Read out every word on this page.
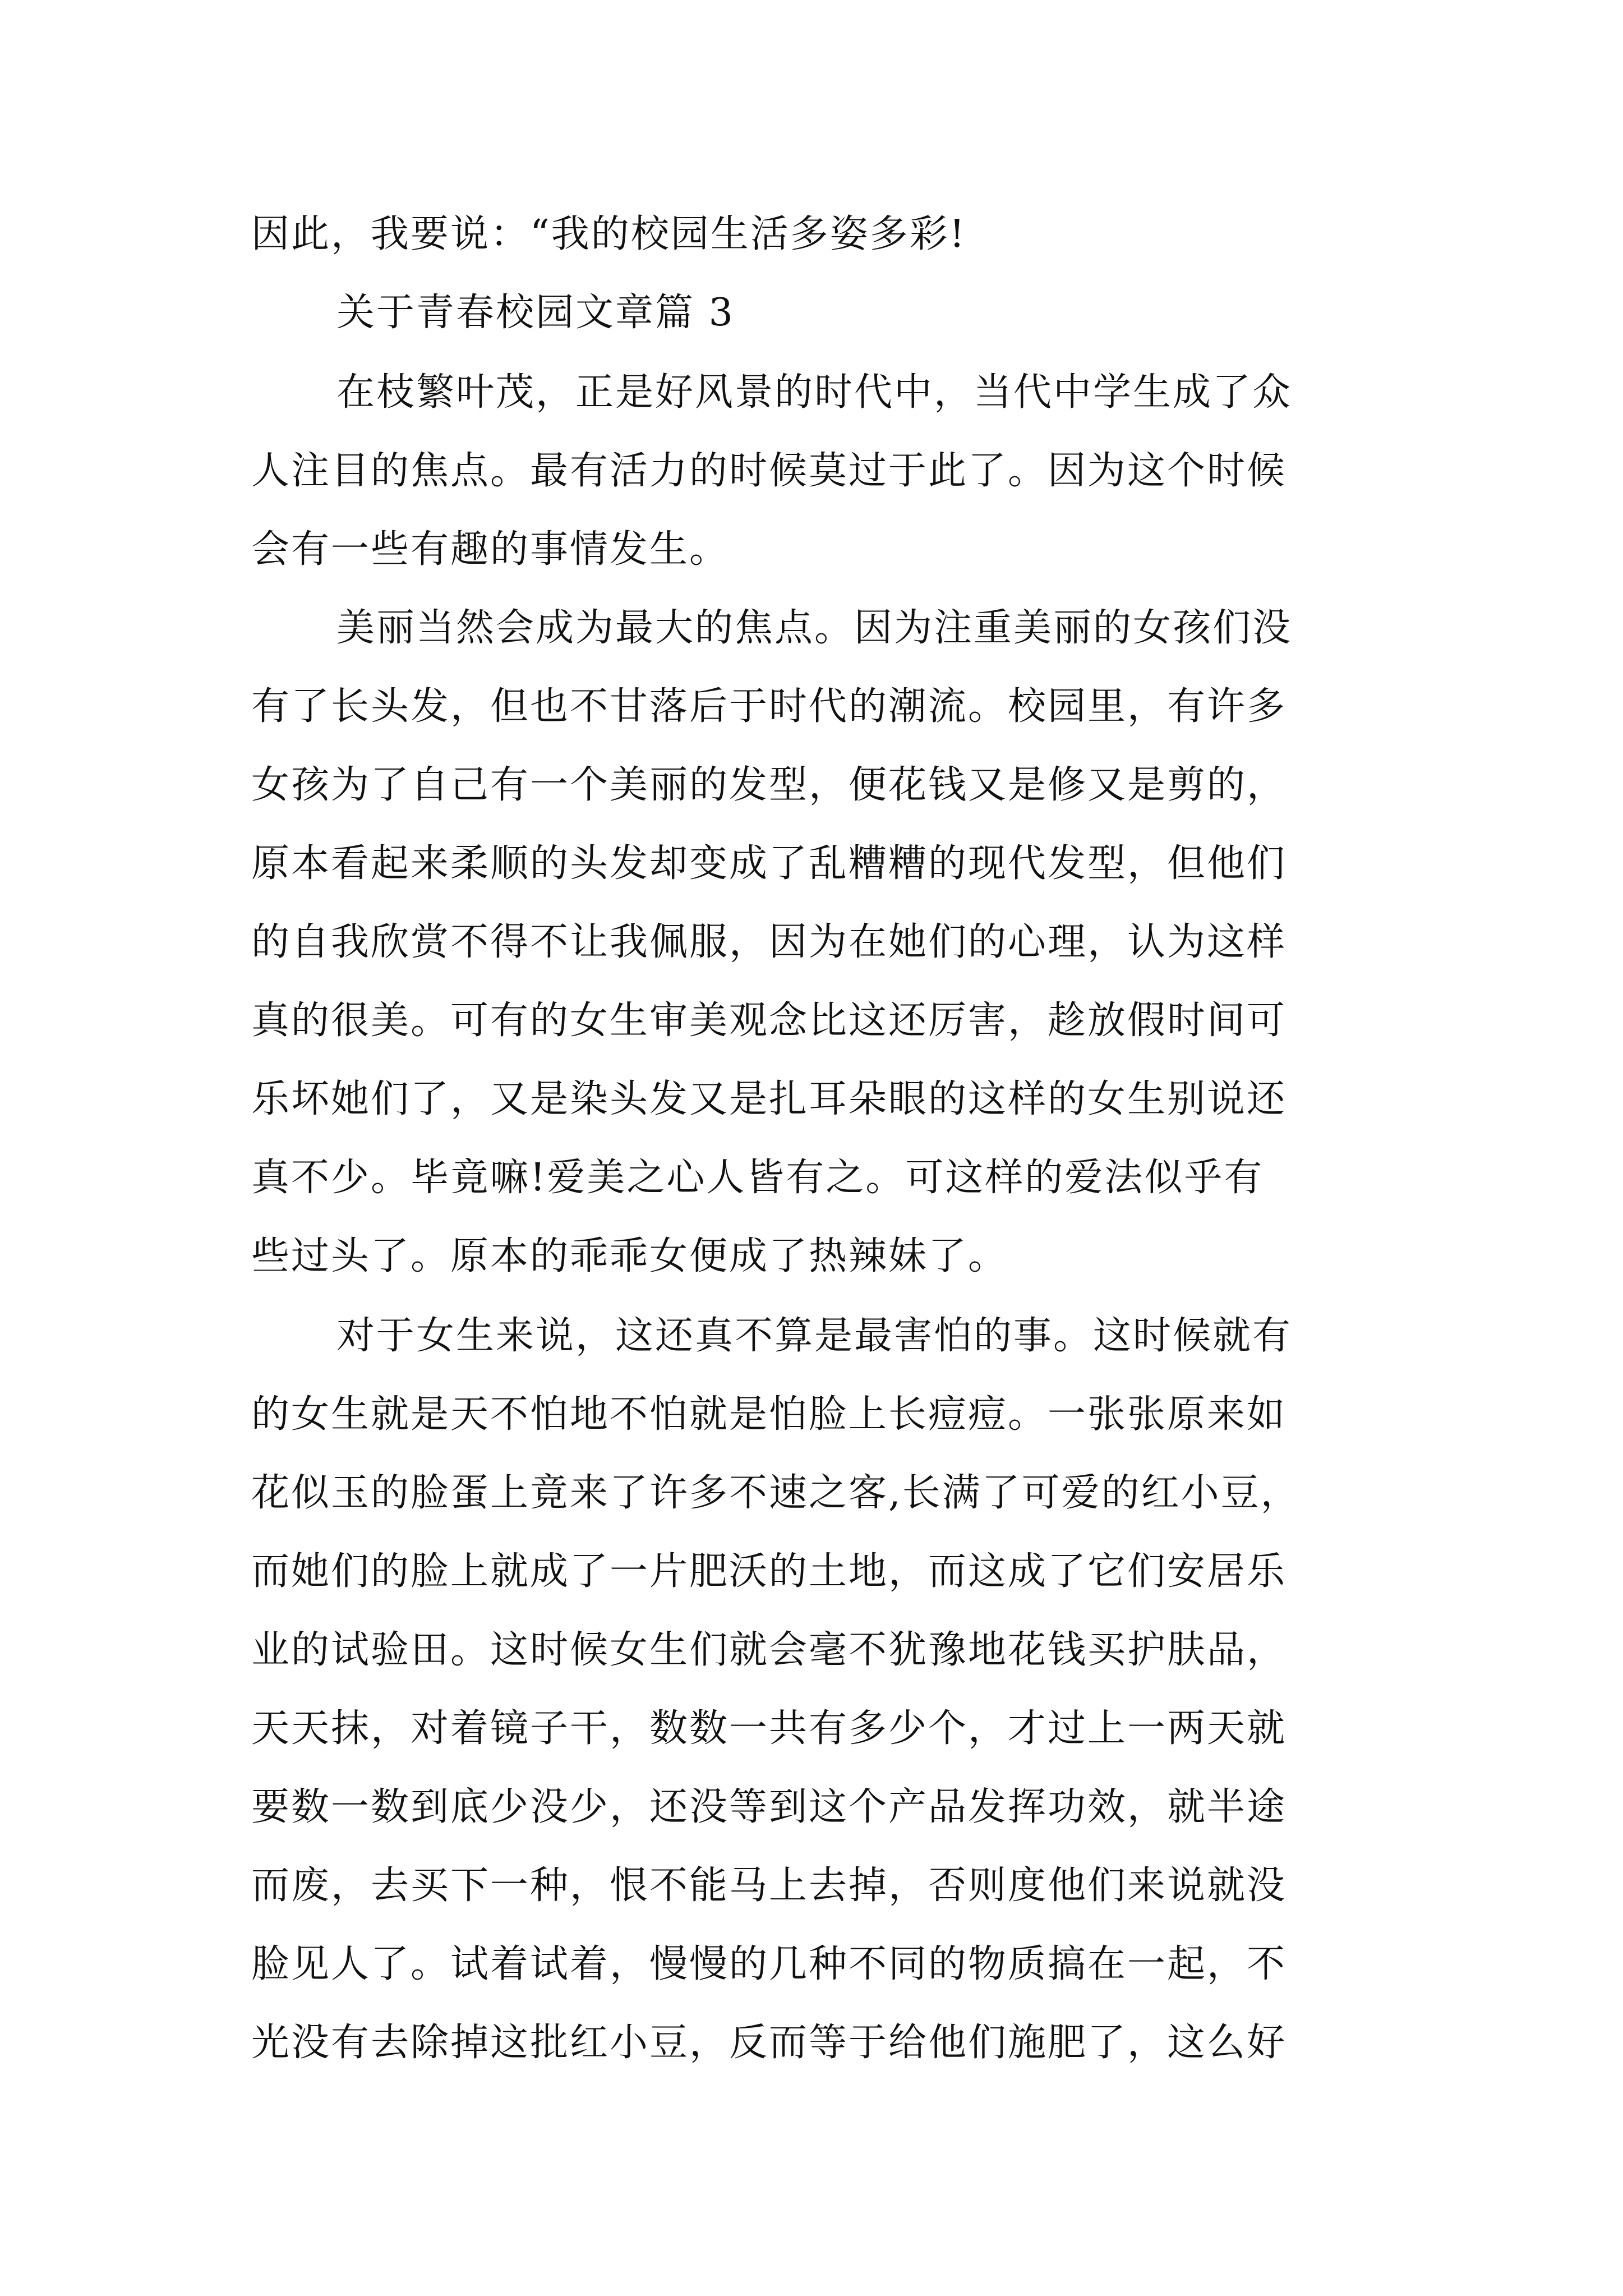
因此，我要说：“我的校园生活多姿多彩!
关于青春校园文章篇 3
在枝繁叶茂，正是好风景的时代中，当代中学生成了众
人注目的焦点。最有活力的时候莫过于此了。因为这个时候
会有一些有趣的事情发生。
美丽当然会成为最大的焦点。因为注重美丽的女孩们没
有了长头发，但也不甘落后于时代的潮流。校园里，有许多
女孩为了自己有一个美丽的发型，便花钱又是修又是剪的，
原本看起来柔顺的头发却变成了乱糟糟的现代发型，但他们
的自我欣赏不得不让我佩服，因为在她们的心理，认为这样
真的很美。可有的女生审美观念比这还厉害，趁放假时间可
乐坏她们了，又是染头发又是扎耳朵眼的这样的女生别说还
真不少。毕竟嘛!爱美之心人皆有之。可这样的爱法似乎有
些过头了。原本的乖乖女便成了热辣妹了。
对于女生来说，这还真不算是最害怕的事。这时候就有
的女生就是天不怕地不怕就是怕脸上长痘痘。一张张原来如
花似玉的脸蛋上竟来了许多不速之客,长满了可爱的红小豆，
而她们的脸上就成了一片肥沃的土地，而这成了它们安居乐
业的试验田。这时候女生们就会毫不犹豫地花钱买护肤品，
天天抹，对着镜子干，数数一共有多少个，才过上一两天就
要数一数到底少没少，还没等到这个产品发挥功效，就半途
而废，去买下一种，恨不能马上去掉，否则度他们来说就没
脸见人了。试着试着，慢慢的几种不同的物质搞在一起，不
光没有去除掉这批红小豆，反而等于给他们施肥了，这么好
